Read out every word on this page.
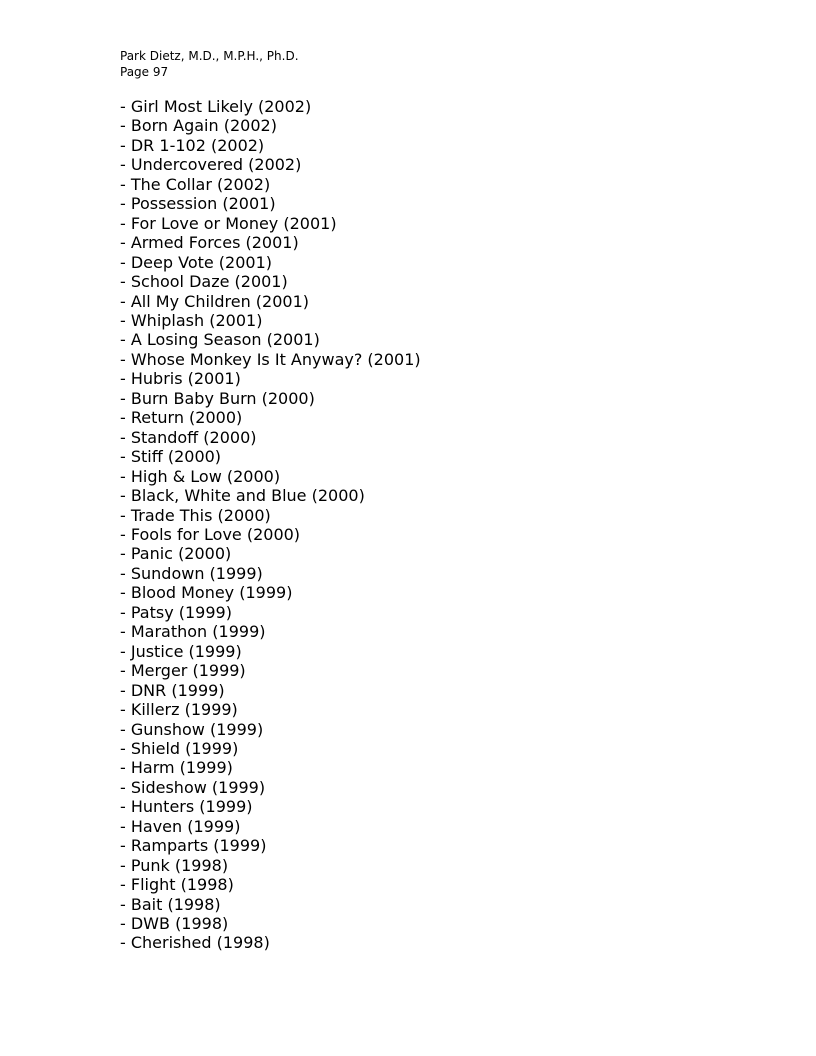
Park Dietz, M.D., M.P.H., Ph.D.
Page 97
- Girl Most Likely (2002)
- Born Again (2002)
- DR 1-102 (2002)
- Undercovered (2002)
- The Collar (2002)
- Possession (2001)
- For Love or Money (2001)
- Armed Forces (2001)
- Deep Vote (2001)
- School Daze (2001)
- All My Children (2001)
- Whiplash (2001)
- A Losing Season (2001)
- Whose Monkey Is It Anyway? (2001)
- Hubris (2001)
- Burn Baby Burn (2000)
- Return (2000)
- Standoff (2000)
- Stiff (2000)
- High & Low (2000)
- Black, White and Blue (2000)
- Trade This (2000)
- Fools for Love (2000)
- Panic (2000)
- Sundown (1999)
- Blood Money (1999)
- Patsy (1999)
- Marathon (1999)
- Justice (1999)
- Merger (1999)
- DNR (1999)
- Killerz (1999)
- Gunshow (1999)
- Shield (1999)
- Harm (1999)
- Sideshow (1999)
- Hunters (1999)
- Haven (1999)
- Ramparts (1999)
- Punk (1998)
- Flight (1998)
- Bait (1998)
- DWB (1998)
- Cherished (1998)
